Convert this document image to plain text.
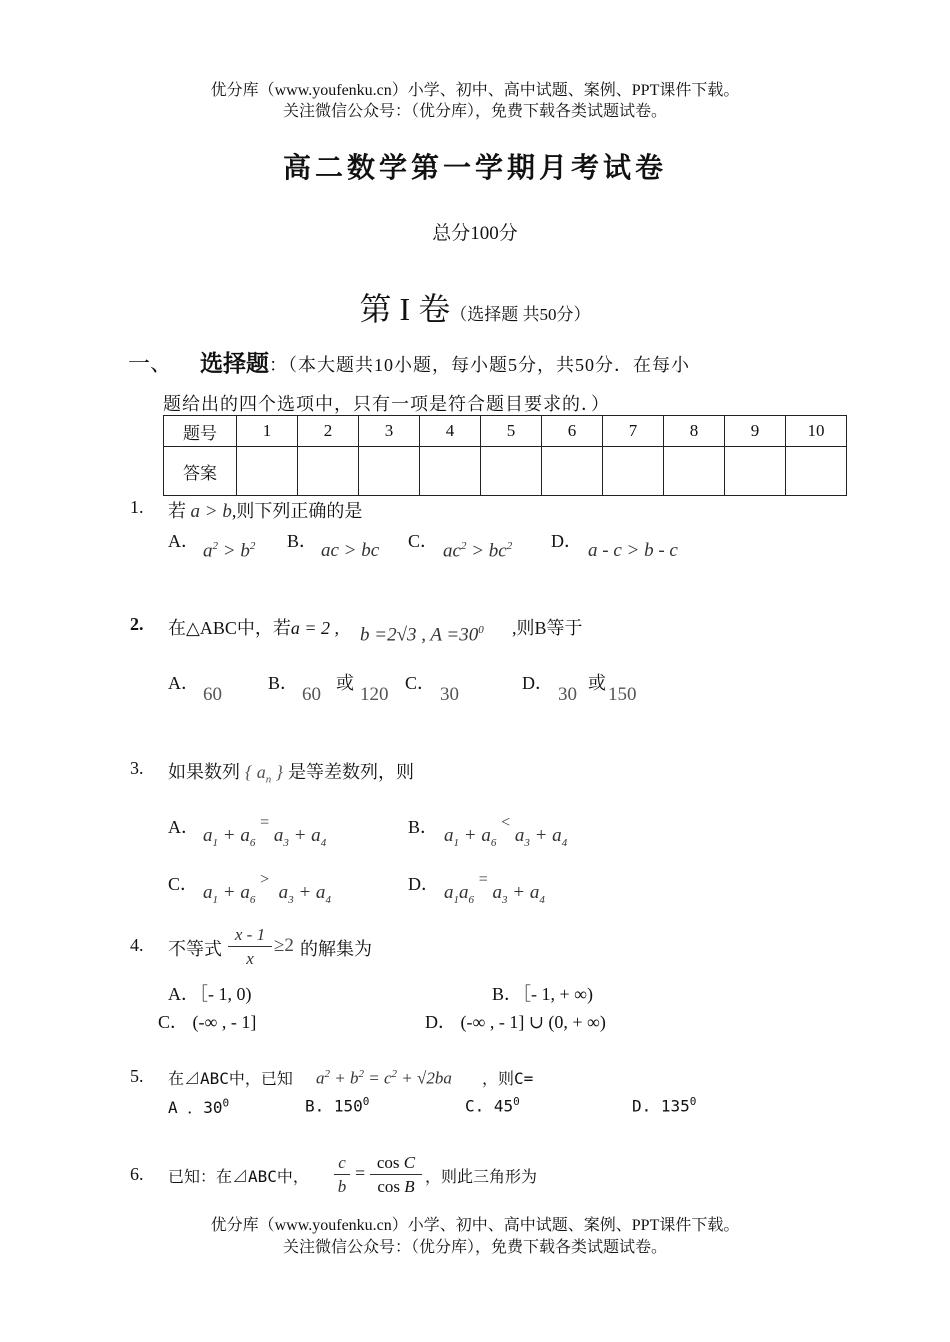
优分库（www.youfenku.cn）小学、初中、高中试题、案例、PPT课件下载。
关注微信公众号：（优分库），免费下载各类试题试卷。
高二数学第一学期月考试卷
总分100分
第 I 卷（选择题 共50分）
一、 选择题：（本大题共10小题，每小题5分，共50分．在每小
题给出的四个选项中，只有一项是符合题目要求的．）
题号	1	2	3	4	5	6	7	8	9	10
答案										
1. 若 a > b,则下列正确的是
A． $a^2 > b^2$ B． ac > bc C． $ac^2 > bc^2$ D． a - c > b - c
2. 在△ABC中，若a = 2 , b =2√3 , $A =30^0$ ,则B等于
A．
60
B．
60
或
120
C．
30
D．
30
或
150
3. 如果数列 { $a_n$ } 是等差数列，则
A． $a_1 + a_6$ = $a_3 + a_4$
B． $a_1 + a_6$ < $a_3 + a_4$
C． $a_1 + a_6$ >  $a_3 + a_4$
D． $a_1a_6$ = $a_3 + a_4$
4. 不等式
x - 1
x
≥2 的解集为
A．［- 1, 0)	B．［- 1, + ∞)
C． (-∞ , - 1]	D． (-∞ , - 1] ∪ (0, + ∞)
5. 在⊿ABC中，已知 $a^2 + b^2 = c^2 + √2ba$ ，则C=
A ．$30^0$	B. $150^0$	C. $45^0$	D. $135^0$
6. 已知：在⊿ABC中，
c
b
=
cos C
cos B
，则此三角形为
优分库（www.youfenku.cn）小学、初中、高中试题、案例、PPT课件下载。
关注微信公众号：（优分库），免费下载各类试题试卷。
